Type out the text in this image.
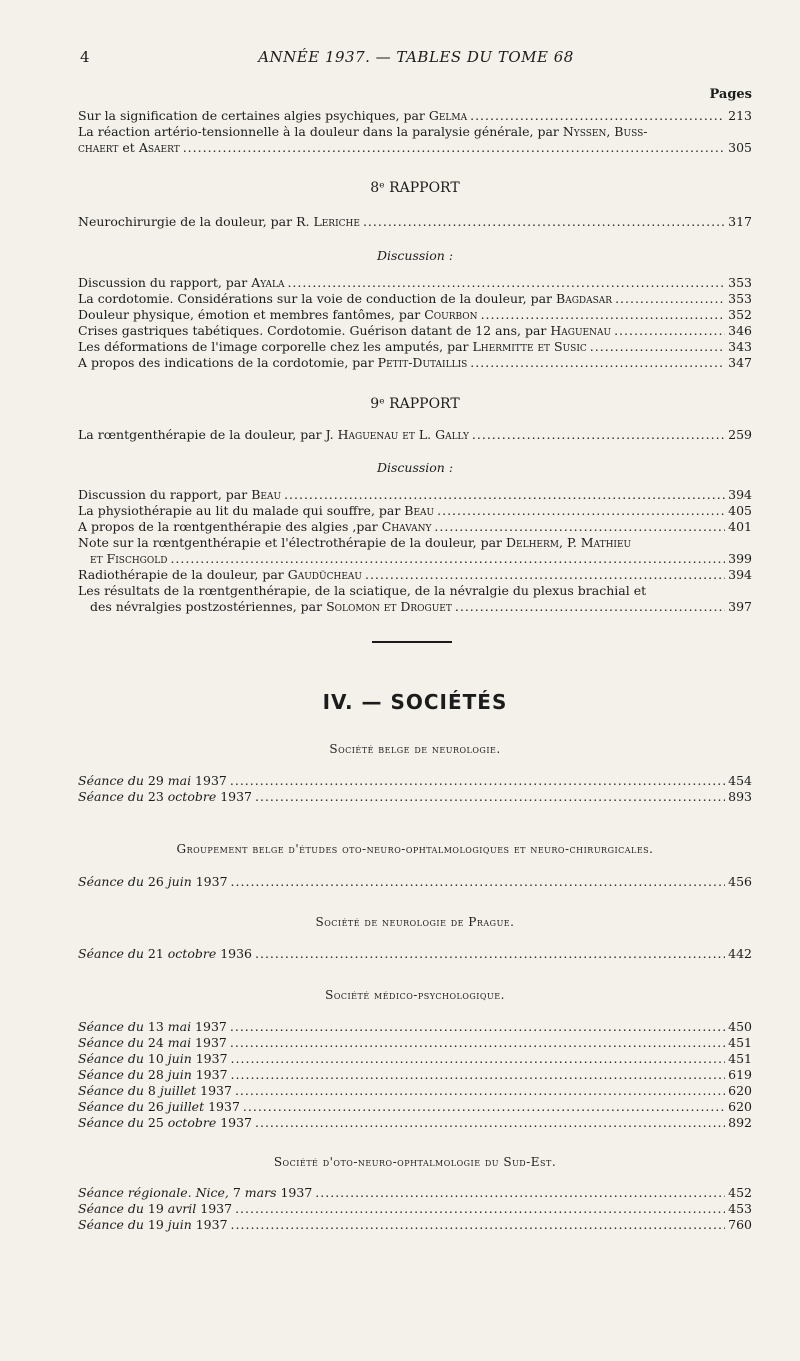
4	ANNÉE 1937. — TABLES DU TOME 68
Pages
Sur la signification de certaines algies psychiques, par Gelma .....	213
La réaction artério-tensionnelle à la douleur dans la paralysie générale, par Nyssen, Buss-
chaert et Asaert .....	305
8ᵉ RAPPORT
Neurochirurgie de la douleur, par R. Leriche .....	317
Discussion :
Discussion du rapport, par Ayala .....	353
La cordotomie. Considérations sur la voie de conduction de la douleur, par Bagdasar .....	353
Douleur physique, émotion et membres fantômes, par Courbon .....	352
Crises gastriques tabétiques. Cordotomie. Guérison datant de 12 ans, par Haguenau .....	346
Les déformations de l'image corporelle chez les amputés, par Lhermitte et Susic .....	343
A propos des indications de la cordotomie, par Petit-Dutaillis .....	347
9ᵉ RAPPORT
La rœntgenthérapie de la douleur, par J. Haguenau et L. Gally .....	259
Discussion :
Discussion du rapport, par Beau .....	394
La physiothérapie au lit du malade qui souffre, par Beau .....	405
A propos de la rœntgenthérapie des algies ,par Chavany .....	401
Note sur la rœntgenthérapie et l'électrothérapie de la douleur, par Delherm, P. Mathieu
et Fischgold .....	399
Radiothérapie de la douleur, par Gaudücheau .....	394
Les résultats de la rœntgenthérapie, de la sciatique, de la névralgie du plexus brachial et
des névralgies postzostériennes, par Solomon et Droguet .....	397
IV. — SOCIÉTÉS
Société belge de neurologie.
Séance du 29 mai 1937 .....	454
Séance du 23 octobre 1937 .....	893
Groupement belge d'études oto-neuro-ophtalmologiques et neuro-chirurgicales.
Séance du 26 juin 1937 .....	456
Société de neurologie de Prague.
Séance du 21 octobre 1936 .....	442
Société médico-psychologique.
Séance du 13 mai 1937 .....	450
Séance du 24 mai 1937 .....	451
Séance du 10 juin 1937 .....	451
Séance du 28 juin 1937 .....	619
Séance du 8 juillet 1937 .....	620
Séance du 26 juillet 1937 .....	620
Séance du 25 octobre 1937 .....	892
Société d'oto-neuro-ophtalmologie du Sud-Est.
Séance régionale. Nice, 7 mars 1937 .....	452
Séance du 19 avril 1937 .....	453
Séance du 19 juin 1937 .....	760
